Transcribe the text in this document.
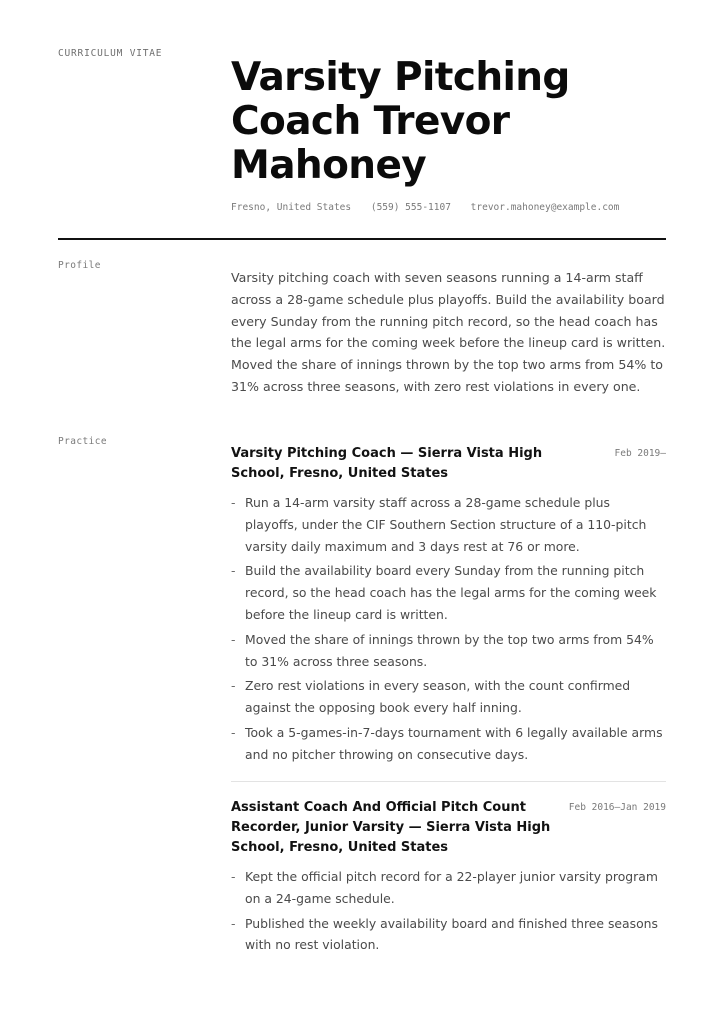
CURRICULUM VITAE
Varsity Pitching Coach Trevor Mahoney
Fresno, United States (559) 555-1107 trevor.mahoney@example.com
Profile

Varsity pitching coach with seven seasons running a 14-arm staff across a 28-game schedule plus playoffs. Build the availability board every Sunday from the running pitch record, so the head coach has the legal arms for the coming week before the lineup card is written. Moved the share of innings thrown by the top two arms from 54% to 31% across three seasons, with zero rest violations in every one.

Practice
Varsity Pitching Coach — Sierra Vista High School, Fresno, United States
Feb 2019–
- Run a 14-arm varsity staff across a 28-game schedule plus playoffs, under the CIF Southern Section structure of a 110-pitch varsity daily maximum and 3 days rest at 76 or more.
- Build the availability board every Sunday from the running pitch record, so the head coach has the legal arms for the coming week before the lineup card is written.
- Moved the share of innings thrown by the top two arms from 54% to 31% across three seasons.
- Zero rest violations in every season, with the count confirmed against the opposing book every half inning.
- Took a 5-games-in-7-days tournament with 6 legally available arms and no pitcher throwing on consecutive days.
Assistant Coach And Official Pitch Count Recorder, Junior Varsity — Sierra Vista High School, Fresno, United States
Feb 2016–Jan 2019
- Kept the official pitch record for a 22-player junior varsity program on a 24-game schedule.
- Published the weekly availability board and finished three seasons with no rest violation.
